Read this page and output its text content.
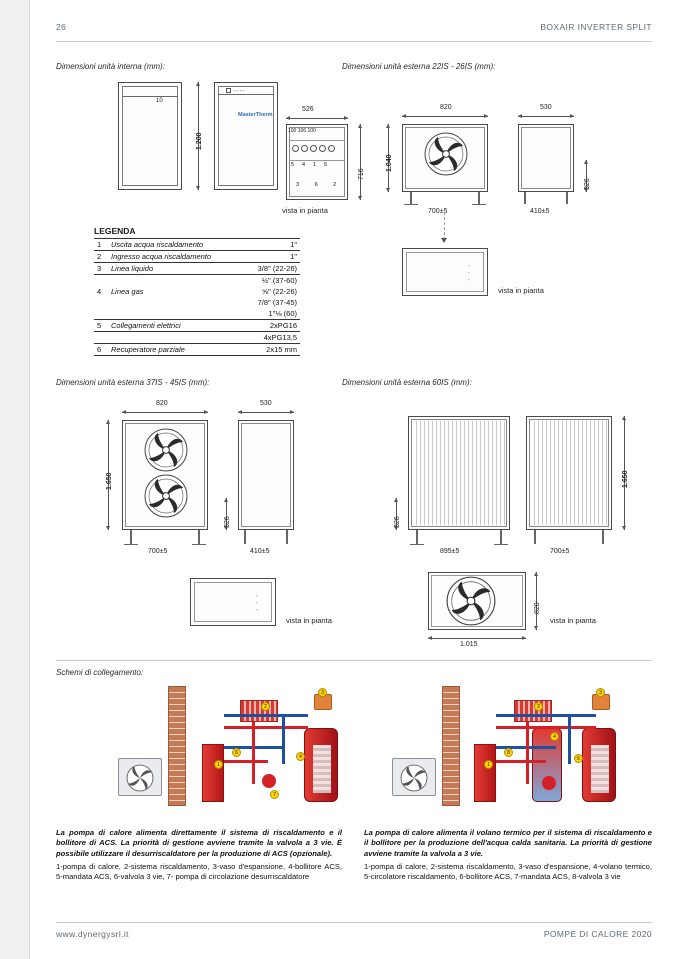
26	BOXAIR INVERTER SPLIT
Dimensioni unità interna (mm):
10
▫ ▫ ▫ ▫
MasterTherm
1.200
526
100 106 100
5 4 1 5
3 6 2
716
vista in pianta
LEGENDA
1	Uscita acqua riscaldamento	1"
2	Ingresso acqua riscaldamento	1"
3	Linea liquido	3/8" (22-26)
		½" (37-60)
4	Linea gas	⅝" (22-26)
		7/8" (37-45)
		1"⅛ (60)
5	Collegamenti elettrici	2xPG16
		4xPG13,5
6	Recuperatore parziale	2x15 mm
Dimensioni unità esterna 22IS - 26IS (mm):
820
1.040
700±5
530
326
410±5
▫
▫
▫
vista in pianta
Dimensioni unità esterna 37IS - 45IS (mm):
820
1.650
700±5
530
326
410±5
▫
▫
▫
vista in pianta
Dimensioni unità esterna 60IS (mm):
1.650
326
895±5	700±5
820
1.015
vista in pianta
Schemi di collegamento:
6
1
2
3
4
7
8
1
2
3
4
6
La pompa di calore alimenta direttamente il sistema di riscaldamento e il bollitore di ACS. La priorità di gestione avviene tramite la valvola a 3 vie. È possibile utilizzare il desurriscaldatore per la produzione di ACS (opzionale).
1-pompa di calore, 2-sistema riscaldamento, 3-vaso d'espansione, 4-bollitore ACS, 5-mandata ACS, 6-valvola 3 vie, 7- pompa di circolazione desurriscaldatore
La pompa di calore alimenta il volano termico per il sistema di riscaldamento e il bollitore per la produzione dell'acqua calda sanitaria. La priorità di gestione avviene tramite la valvola a 3 vie.
1-pompa di calore, 2-sistema riscaldamento, 3-vaso d'espansione, 4-volano termico, 5-circolatore riscaldamento, 6-bollitore ACS, 7-mandata ACS, 8-valvola 3 vie
www.dynergysrl.it	POMPE DI CALORE 2020
